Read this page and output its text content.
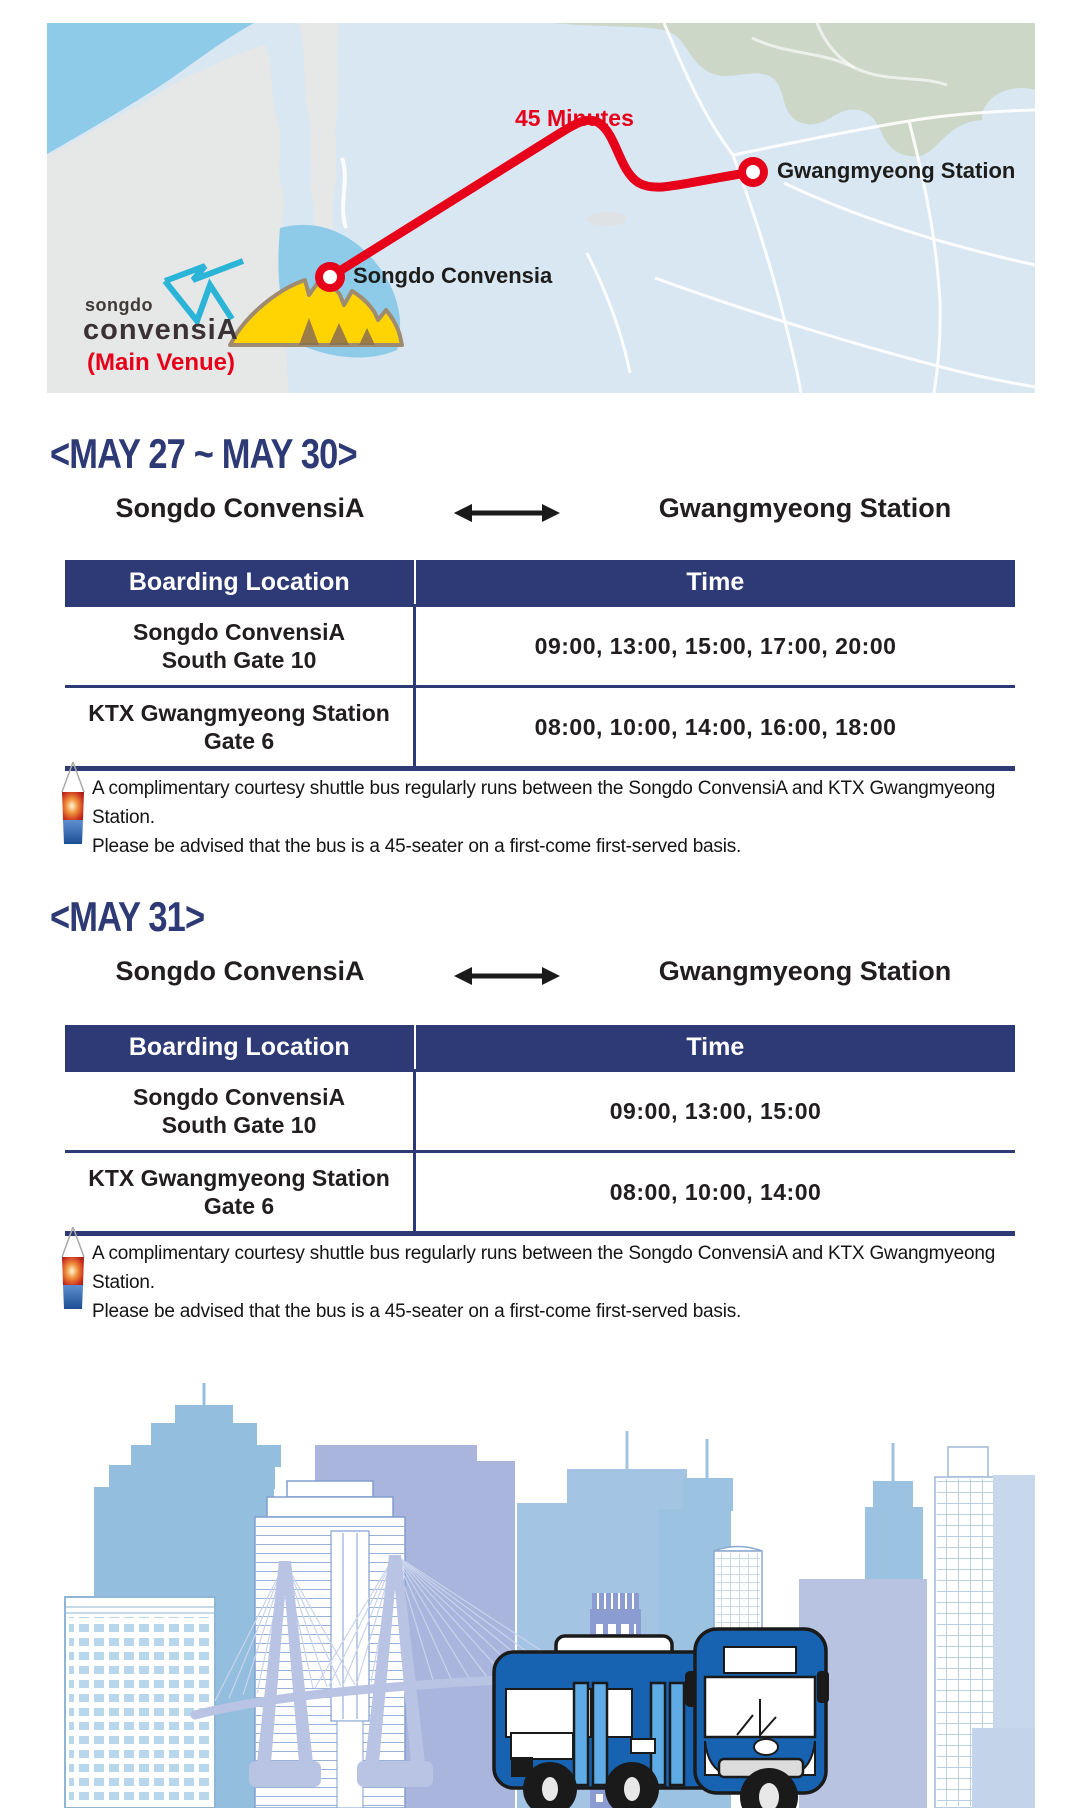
45 Minutes
Songdo Convensia
Gwangmyeong Station
songdo
convensiA
(Main Venue)
<MAY 27 ~ MAY 30>
Songdo ConvensiA	Gwangmyeong Station
Boarding Location	Time

Songdo ConvensiA
South Gate 10	09:00, 13:00, 15:00, 17:00, 20:00

KTX Gwangmyeong Station
Gate 6	08:00, 10:00, 14:00, 16:00, 18:00
A complimentary courtesy shuttle bus regularly runs between the Songdo ConvensiA and KTX Gwangmyeong Station.
Please be advised that the bus is a 45-seater on a first-come first-served basis.
<MAY 31>
Songdo ConvensiA	Gwangmyeong Station
Boarding Location	Time

Songdo ConvensiA
South Gate 10	09:00, 13:00, 15:00

KTX Gwangmyeong Station
Gate 6	08:00, 10:00, 14:00
A complimentary courtesy shuttle bus regularly runs between the Songdo ConvensiA and KTX Gwangmyeong Station.
Please be advised that the bus is a 45-seater on a first-come first-served basis.
